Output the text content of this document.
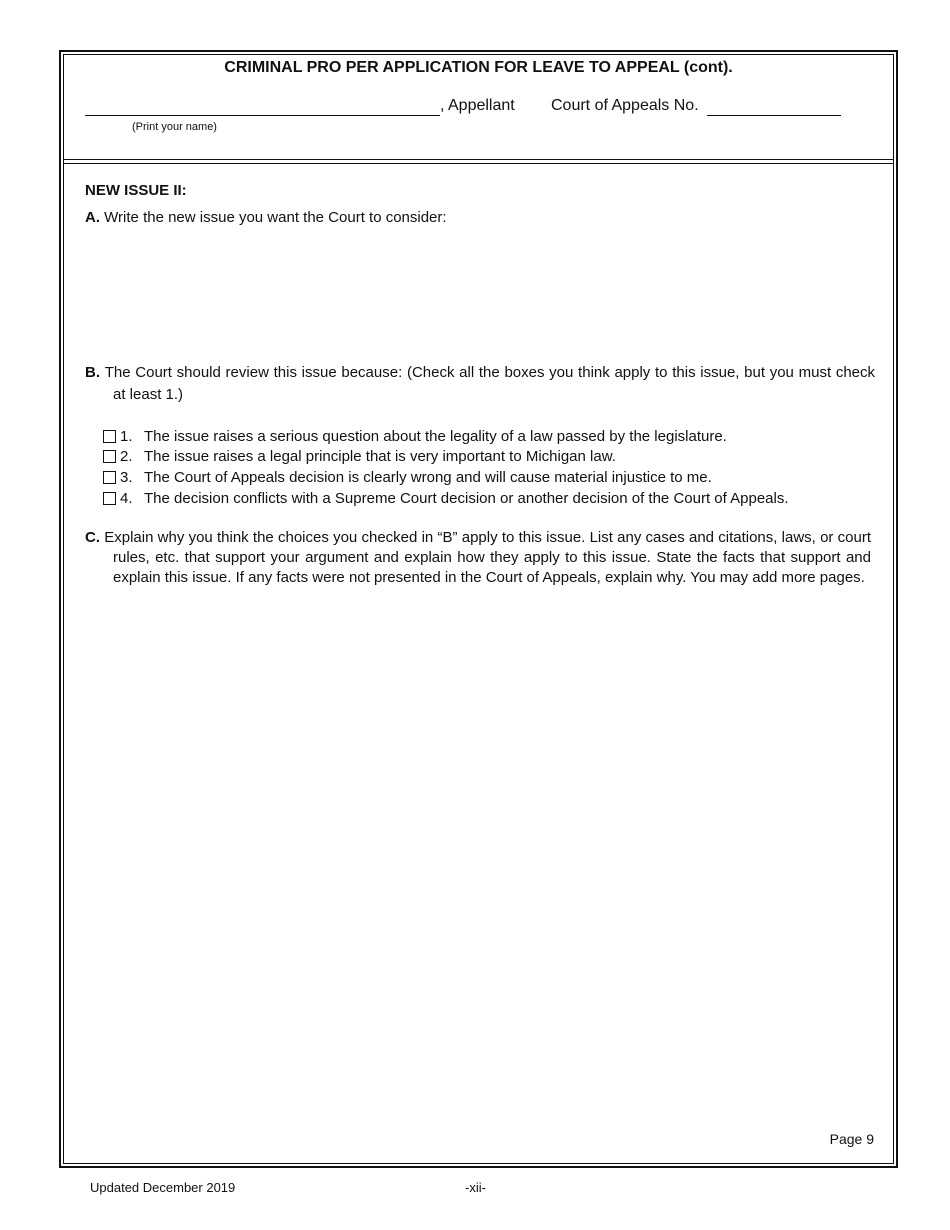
CRIMINAL PRO PER APPLICATION FOR LEAVE TO APPEAL (cont).
, Appellant Court of Appeals No.
(Print your name)
NEW ISSUE II:
A. Write the new issue you want the Court to consider:
B. The Court should review this issue because: (Check all the boxes you think apply to this issue, but you must check at least 1.)
1. The issue raises a serious question about the legality of a law passed by the legislature.
2. The issue raises a legal principle that is very important to Michigan law.
3. The Court of Appeals decision is clearly wrong and will cause material injustice to me.
4. The decision conflicts with a Supreme Court decision or another decision of the Court of Appeals.
C. Explain why you think the choices you checked in “B” apply to this issue. List any cases and citations, laws, or court rules, etc. that support your argument and explain how they apply to this issue. State the facts that support and explain this issue. If any facts were not presented in the Court of Appeals, explain why. You may add more pages.
Page 9
Updated December 2019	-xii-
